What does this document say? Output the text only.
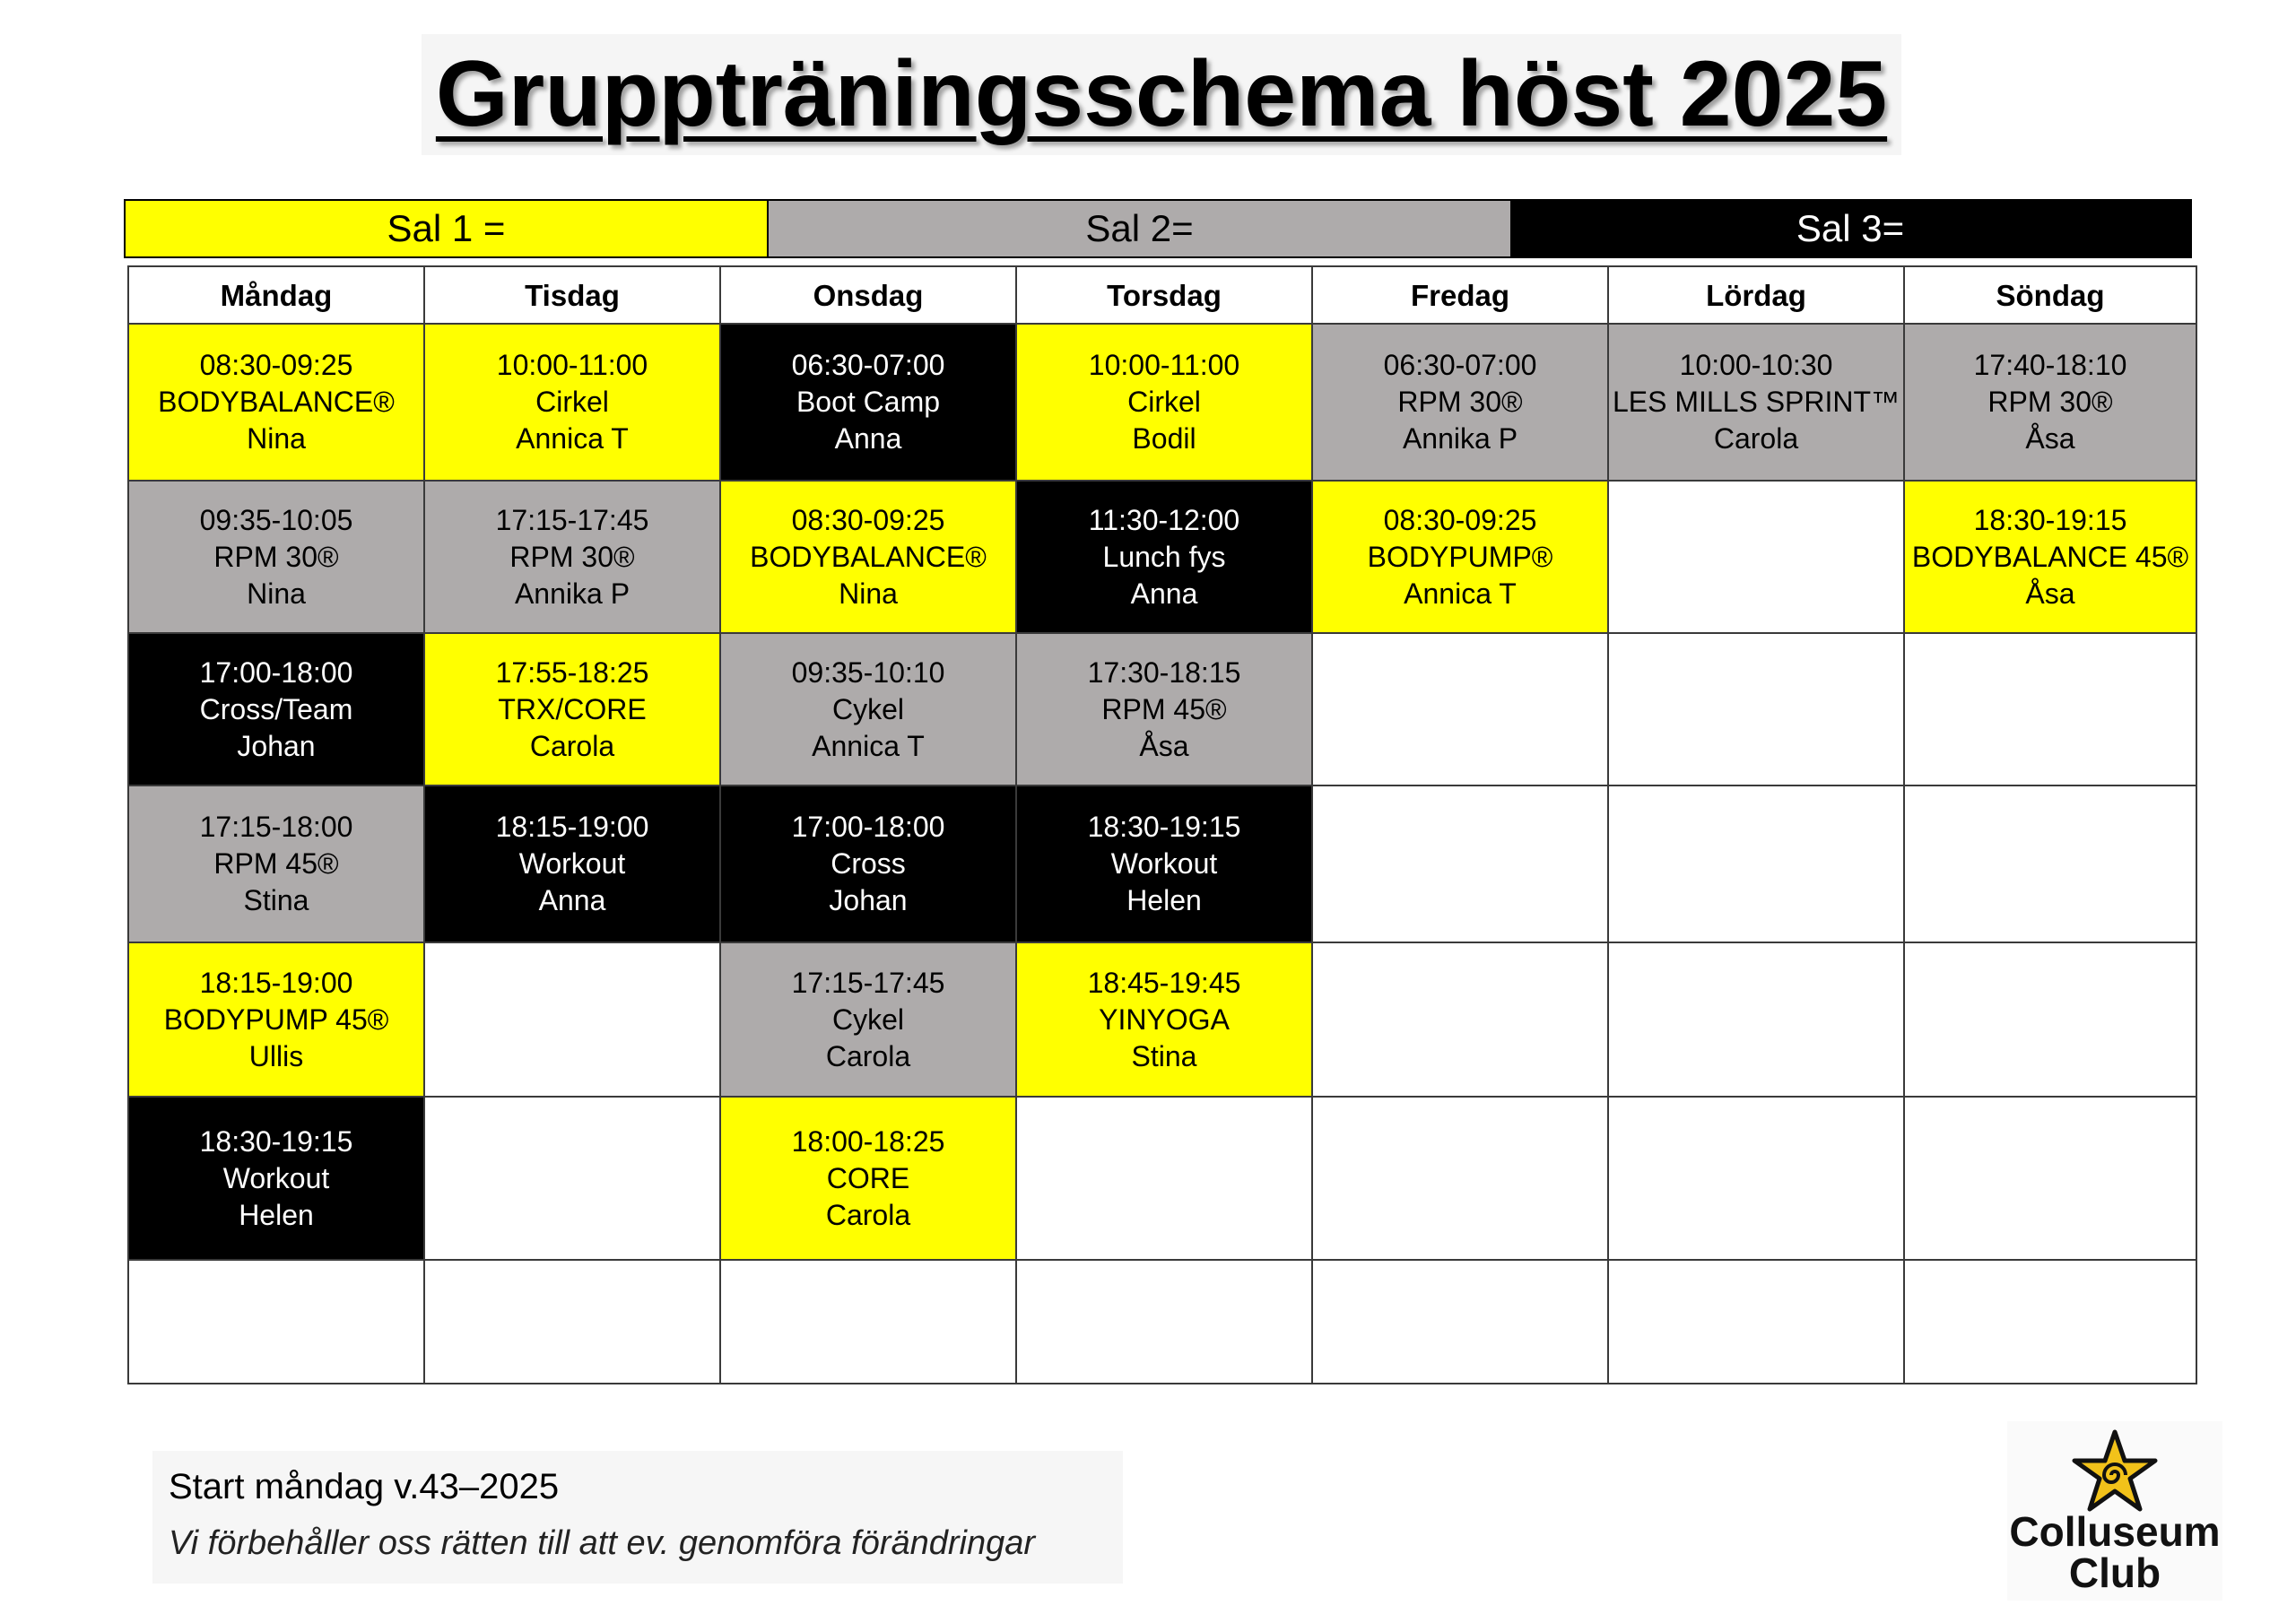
Gruppträningsschema höst 2025
Sal 1 =	Sal 2=	Sal 3=
Måndag	Tisdag	Onsdag	Torsdag	Fredag	Lördag	Söndag

08:30-09:25
BODYBALANCE®
Nina	10:00-11:00
Cirkel
Annica T	06:30-07:00
Boot Camp
Anna	10:00-11:00
Cirkel
Bodil	06:30-07:00
RPM 30®
Annika P	10:00-10:30
LES MILLS SPRINT™
Carola	17:40-18:10
RPM 30®
Åsa

09:35-10:05
RPM 30®
Nina	17:15-17:45
RPM 30®
Annika P	08:30-09:25
BODYBALANCE®
Nina	11:30-12:00
Lunch fys
Anna	08:30-09:25
BODYPUMP®
Annica T		18:30-19:15
BODYBALANCE 45®
Åsa

17:00-18:00
Cross/Team
Johan	17:55-18:25
TRX/CORE
Carola	09:35-10:10
Cykel
Annica T	17:30-18:15
RPM 45®
Åsa			

17:15-18:00
RPM 45®
Stina	18:15-19:00
Workout
Anna	17:00-18:00
Cross
Johan	18:30-19:15
Workout
Helen			

18:15-19:00
BODYPUMP 45®
Ullis		17:15-17:45
Cykel
Carola	18:45-19:45
YINYOGA
Stina			

18:30-19:15
Workout
Helen		18:00-18:25
CORE
Carola				

Start måndag v.43–2025
Vi förbehåller oss rätten till att ev. genomföra förändringar	Colluseum
Club
